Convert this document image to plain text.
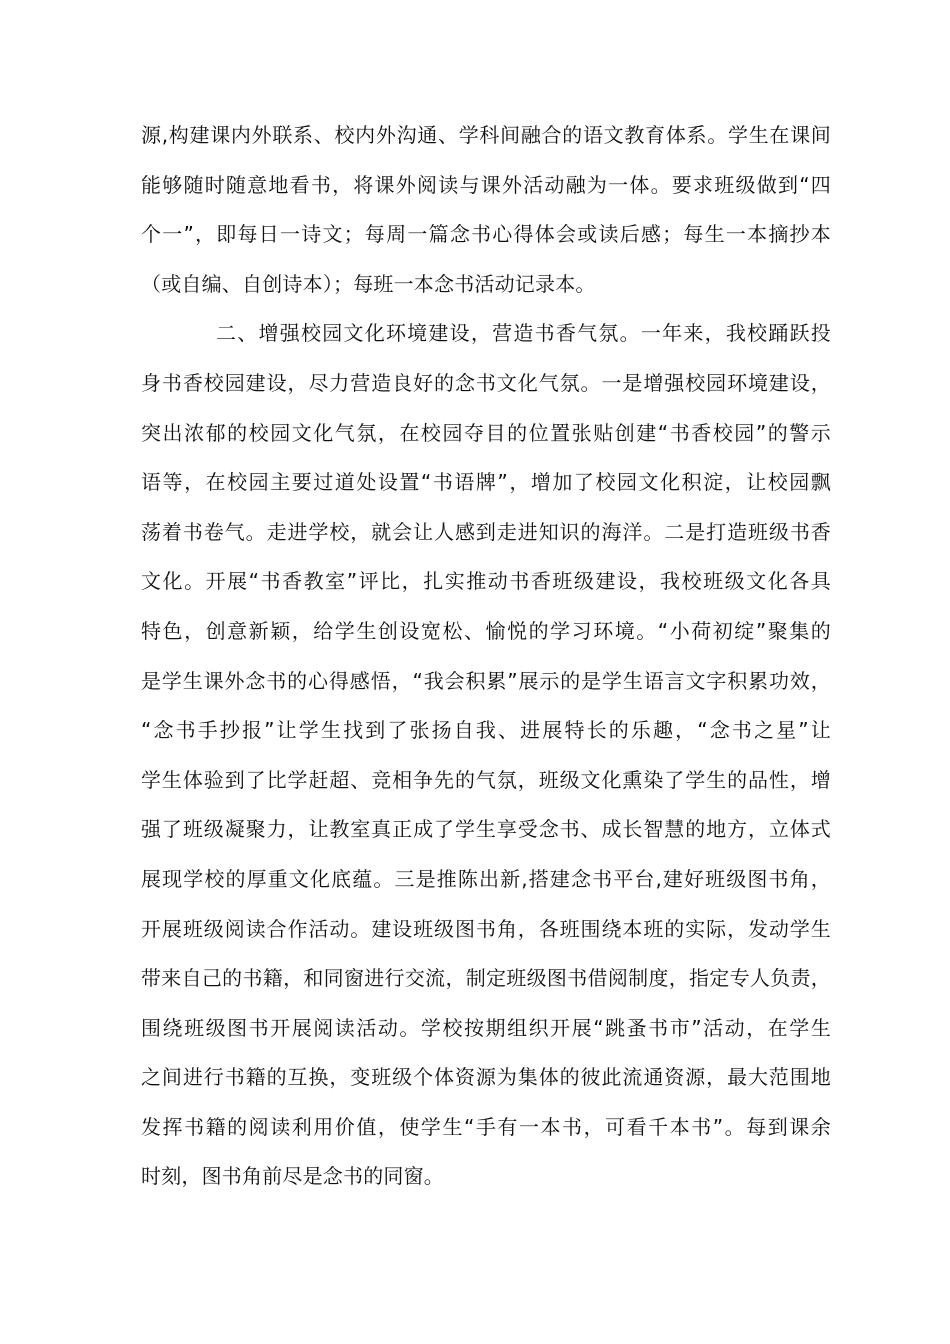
源,构建课内外联系、校内外沟通、学科间融合的语文教育体系。学生在课间
能够随时随意地看书，将课外阅读与课外活动融为一体。要求班级做到“四
个一”，即每日一诗文；每周一篇念书心得体会或读后感；每生一本摘抄本
（或自编、自创诗本）；每班一本念书活动记录本。
二、增强校园文化环境建设，营造书香气氛。一年来，我校踊跃投
身书香校园建设，尽力营造良好的念书文化气氛。一是增强校园环境建设，
突出浓郁的校园文化气氛，在校园夺目的位置张贴创建“书香校园”的警示
语等，在校园主要过道处设置“书语牌”，增加了校园文化积淀，让校园飘
荡着书卷气。走进学校，就会让人感到走进知识的海洋。二是打造班级书香
文化。开展“书香教室”评比，扎实推动书香班级建设，我校班级文化各具
特色，创意新颖，给学生创设宽松、愉悦的学习环境。“小荷初绽”聚集的
是学生课外念书的心得感悟，“我会积累”展示的是学生语言文字积累功效，
“念书手抄报”让学生找到了张扬自我、进展特长的乐趣，“念书之星”让
学生体验到了比学赶超、竞相争先的气氛，班级文化熏染了学生的品性，增
强了班级凝聚力，让教室真正成了学生享受念书、成长智慧的地方，立体式
展现学校的厚重文化底蕴。三是推陈出新,搭建念书平台,建好班级图书角，
开展班级阅读合作活动。建设班级图书角，各班围绕本班的实际，发动学生
带来自己的书籍，和同窗进行交流，制定班级图书借阅制度，指定专人负责，
围绕班级图书开展阅读活动。学校按期组织开展“跳蚤书市”活动，在学生
之间进行书籍的互换，变班级个体资源为集体的彼此流通资源，最大范围地
发挥书籍的阅读利用价值，使学生“手有一本书，可看千本书”。每到课余
时刻，图书角前尽是念书的同窗。
